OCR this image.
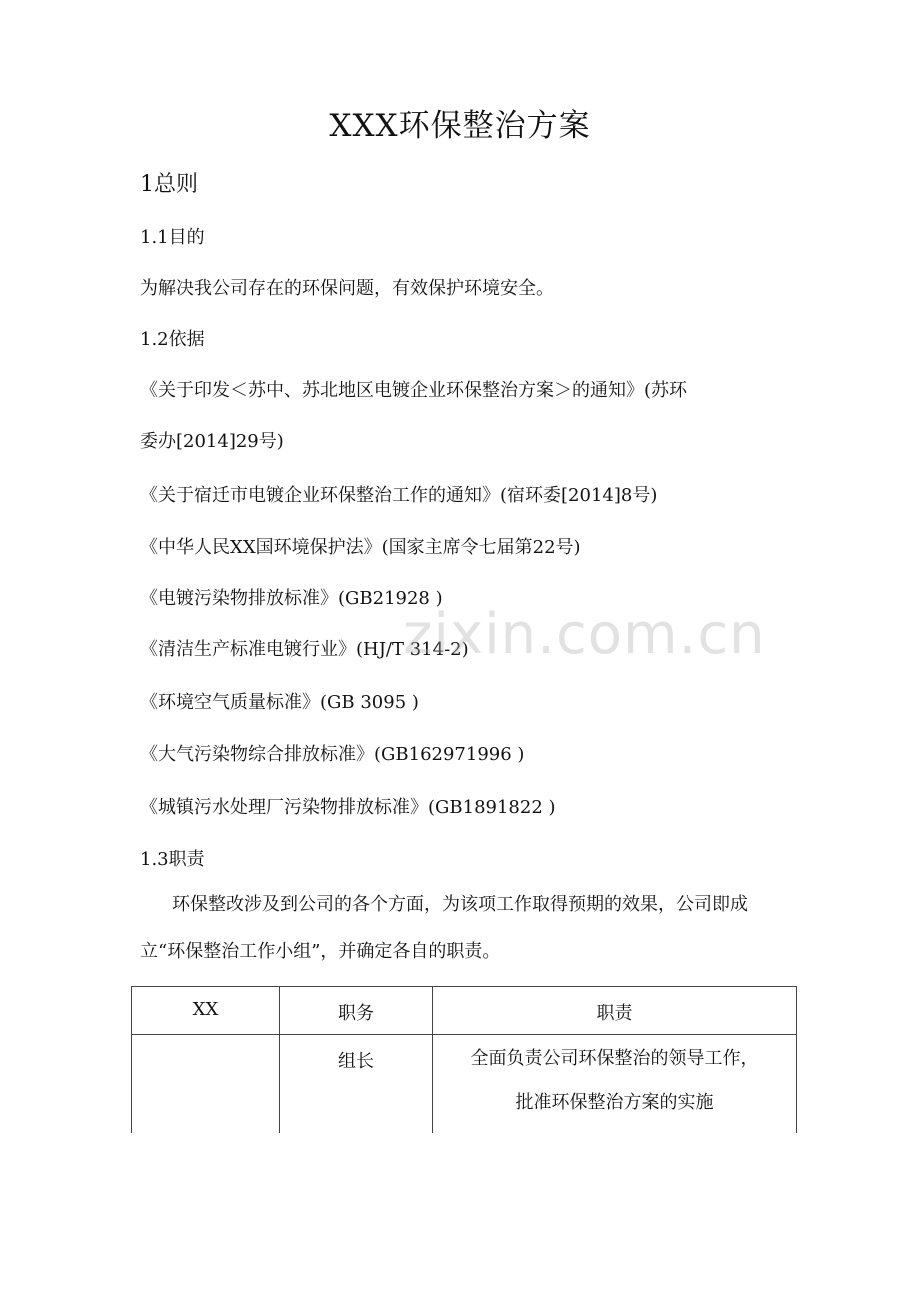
XXX环保整治方案

1总则

1.1目的

为解决我公司存在的环保问题，有效保护环境安全。

1.2依据

《关于印发＜苏中、苏北地区电镀企业环保整治方案＞的通知》(苏环

委办[2014]29号)

《关于宿迁市电镀企业环保整治工作的通知》(宿环委[2014]8号)

《中华人民XX国环境保护法》(国家主席令七届第22号)

《电镀污染物排放标准》(GB21928 )

《清洁生产标准电镀行业》(HJ/T 314-2)

《环境空气质量标准》(GB 3095 )

《大气污染物综合排放标准》(GB162971996 )

《城镇污水处理厂污染物排放标准》(GB1891822 )

1.3职责

环保整改涉及到公司的各个方面，为该项工作取得预期的效果，公司即成

立“环保整治工作小组”，并确定各自的职责。

XX	职务	职责
	组长	全面负责公司环保整治的领导工作，
批准环保整治方案的实施
zixin.com.cn
